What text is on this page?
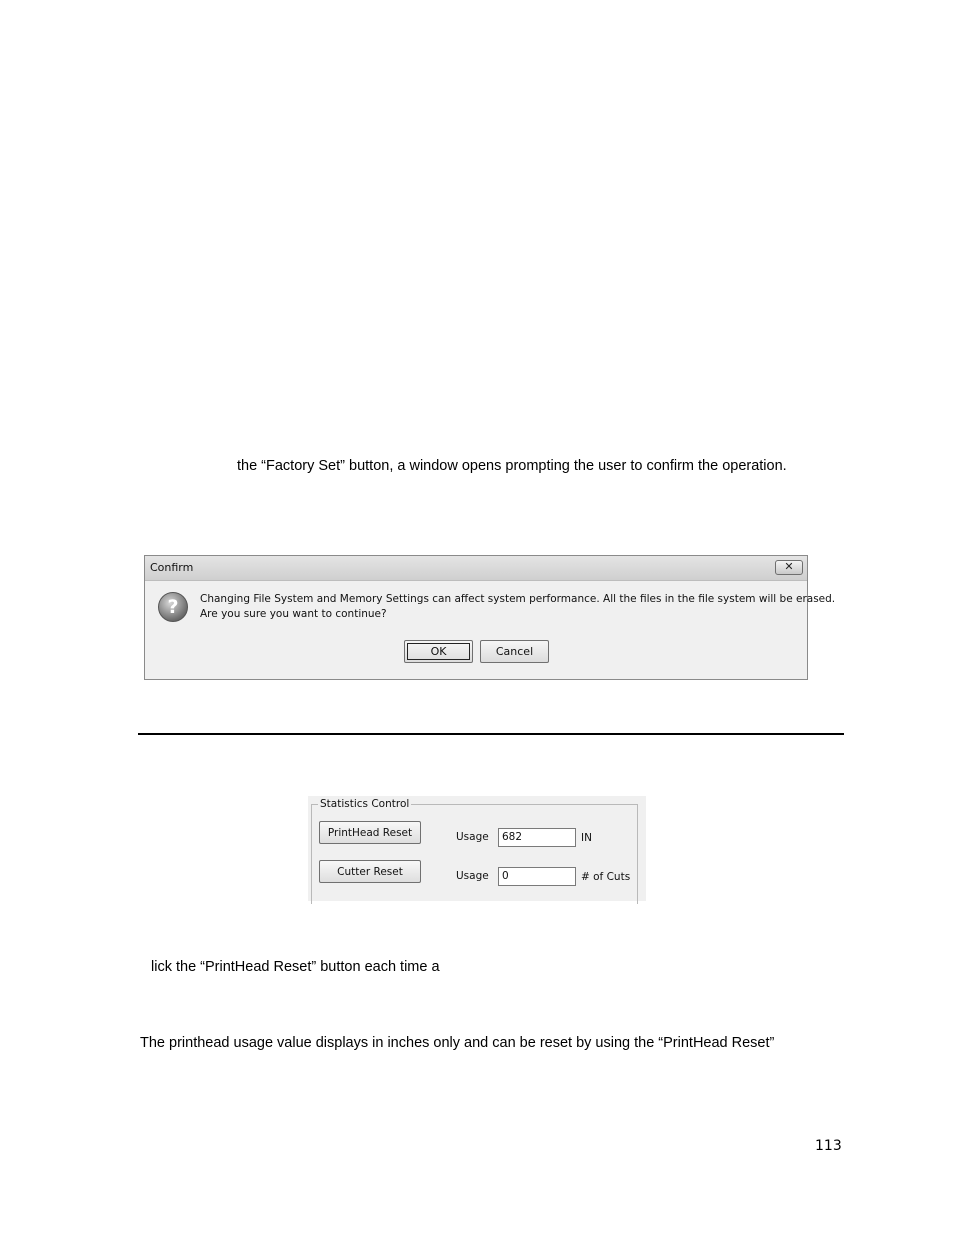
the “Factory Set” button, a window opens prompting the user to confirm the operation.
Confirm	✕
?	Changing File System and Memory Settings can affect system performance. All the files in the file system will be erased.
Are you sure you want to continue?
OK	Cancel
Statistics Control
PrintHead Reset	Usage	682	IN
Cutter Reset	Usage	0	# of Cuts
lick the “PrintHead Reset” button each time a
The printhead usage value displays in inches only and can be reset by using the “PrintHead Reset”
113
